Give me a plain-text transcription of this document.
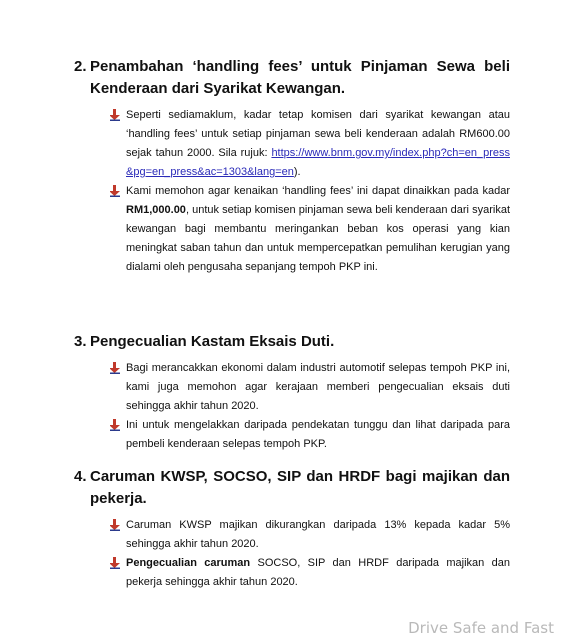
2. Penambahan ‘handling fees’ untuk Pinjaman Sewa beli Kenderaan dari Syarikat Kewangan.
Seperti sediamaklum, kadar tetap komisen dari syarikat kewangan atau ‘handling fees’ untuk setiap pinjaman sewa beli kenderaan adalah RM600.00 sejak tahun 2000. Sila rujuk: https://www.bnm.gov.my/index.php?ch=en_press&pg=en_press&ac=1303&lang=en).
Kami memohon agar kenaikan ‘handling fees’ ini dapat dinaikkan pada kadar RM1,000.00, untuk setiap komisen pinjaman sewa beli kenderaan dari syarikat kewangan bagi membantu meringankan beban kos operasi yang kian meningkat saban tahun dan untuk mempercepatkan pemulihan kerugian yang dialami oleh pengusaha sepanjang tempoh PKP ini.
3. Pengecualian Kastam Eksais Duti.
Bagi merancakkan ekonomi dalam industri automotif selepas tempoh PKP ini, kami juga memohon agar kerajaan memberi pengecualian eksais duti sehingga akhir tahun 2020.
Ini untuk mengelakkan daripada pendekatan tunggu dan lihat daripada para pembeli kenderaan selepas tempoh PKP.
4. Caruman KWSP, SOCSO, SIP dan HRDF bagi majikan dan pekerja.
Caruman KWSP majikan dikurangkan daripada 13% kepada kadar 5% sehingga akhir tahun 2020.
Pengecualian caruman SOCSO, SIP dan HRDF daripada majikan dan pekerja sehingga akhir tahun 2020.
Drive Safe and Fast
